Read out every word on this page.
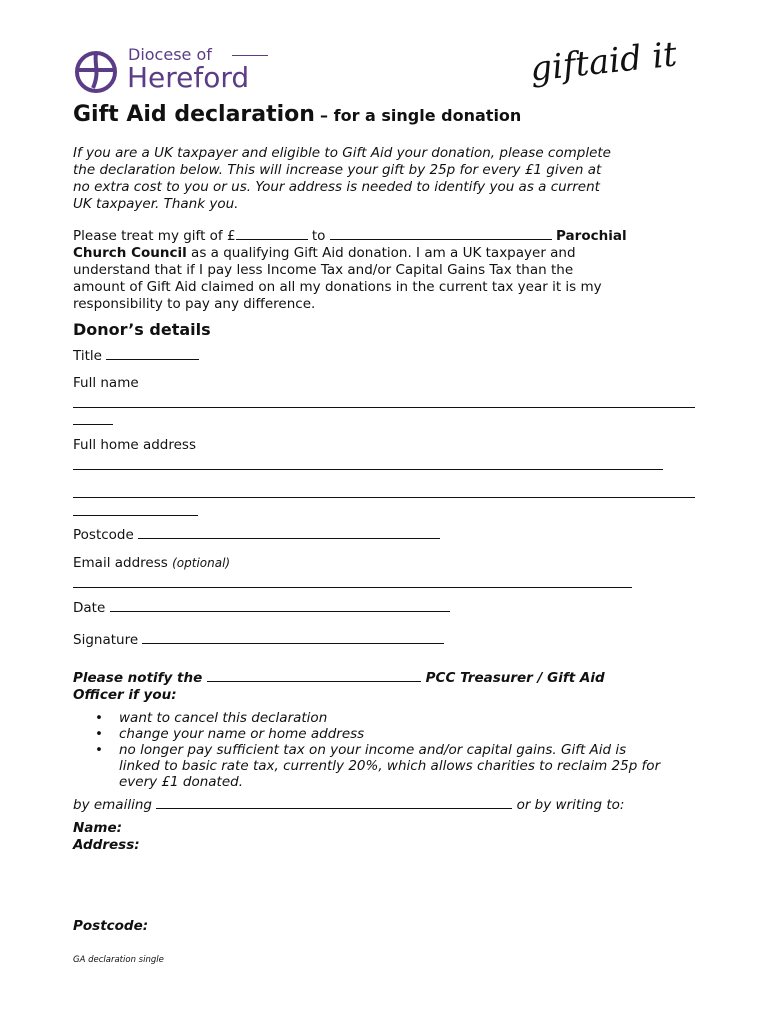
Diocese of
Hereford	giftaid it
Gift Aid declaration – for a single donation
If you are a UK taxpayer and eligible to Gift Aid your donation, please complete
the declaration below. This will increase your gift by 25p for every £1 given at
no extra cost to you or us. Your address is needed to identify you as a current
UK taxpayer. Thank you.
Please treat my gift of £	to	Parochial
Church Council as a qualifying Gift Aid donation. I am a UK taxpayer and
understand that if I pay less Income Tax and/or Capital Gains Tax than the
amount of Gift Aid claimed on all my donations in the current tax year it is my
responsibility to pay any difference.
Donor’s details
Title
Full name
Full home address
Postcode
Email address (optional)
Date
Signature
Please notify the	PCC Treasurer / Gift Aid
Officer if you:
• want to cancel this declaration
• change your name or home address
• no longer pay sufficient tax on your income and/or capital gains. Gift Aid is
linked to basic rate tax, currently 20%, which allows charities to reclaim 25p for
every £1 donated.
by emailing	or by writing to:
Name:
Address:
Postcode:
GA declaration single
